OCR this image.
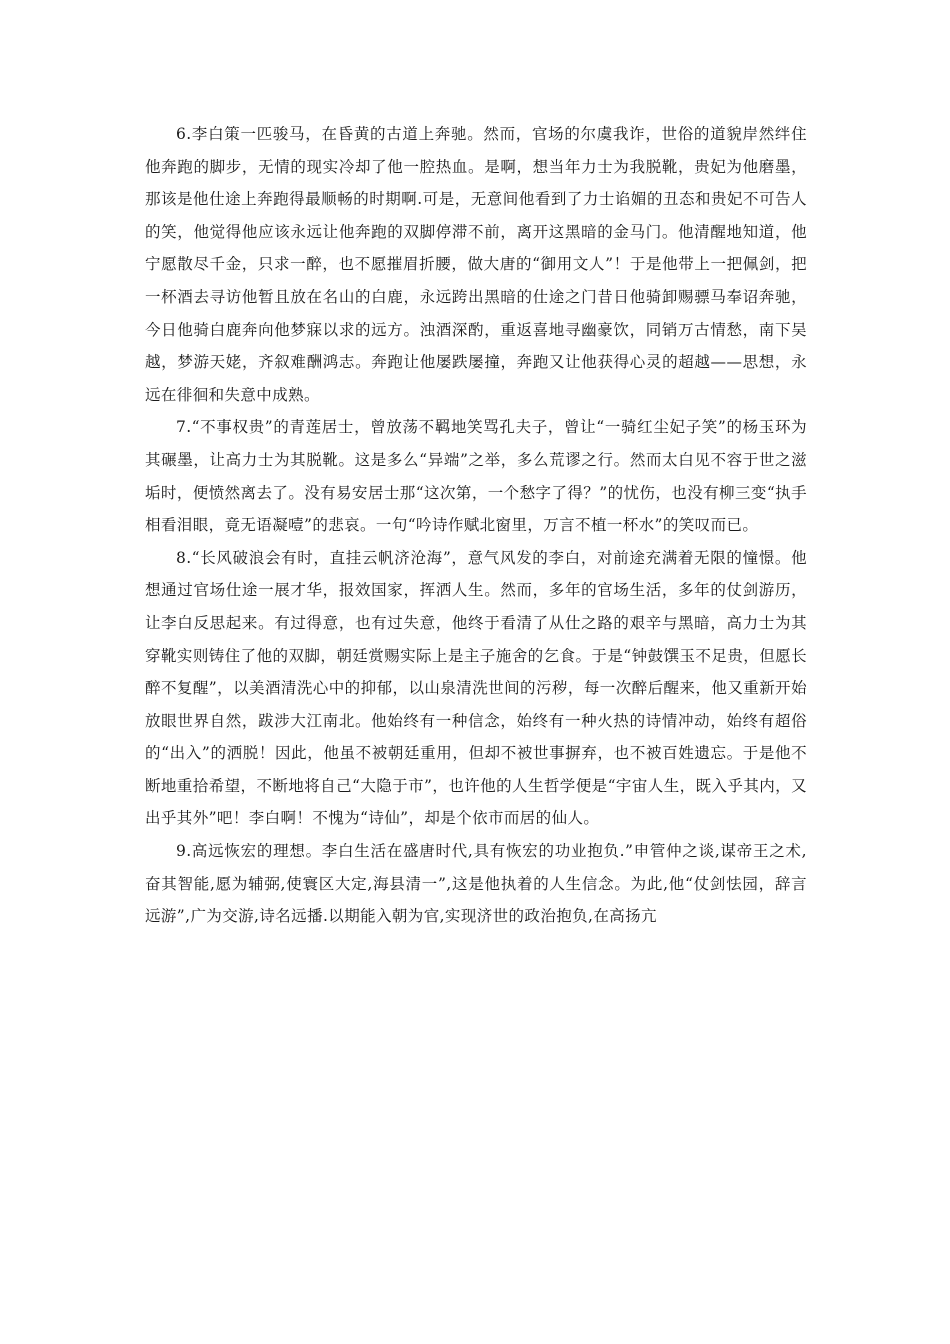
6.李白策一匹骏马，在昏黄的古道上奔驰。然而，官场的尔虞我诈，世俗的道貌岸然绊住他奔跑的脚步，无情的现实冷却了他一腔热血。是啊，想当年力士为我脱靴，贵妃为他磨墨，那该是他仕途上奔跑得最顺畅的时期啊.可是，无意间他看到了力士谄媚的丑态和贵妃不可告人的笑，他觉得他应该永远让他奔跑的双脚停滞不前，离开这黑暗的金马门。他清醒地知道，他宁愿散尽千金，只求一醉，也不愿摧眉折腰，做大唐的“御用文人”！于是他带上一把佩剑，把一杯酒去寻访他暂且放在名山的白鹿，永远跨出黑暗的仕途之门昔日他骑卸赐骠马奉诏奔驰，今日他骑白鹿奔向他梦寐以求的远方。浊酒深酌，重返喜地寻幽豪饮，同销万古情愁，南下吴越，梦游天姥，齐叙难酬鸿志。奔跑让他屡跌屡撞，奔跑又让他获得心灵的超越——思想，永远在徘徊和失意中成熟。

7.“不事权贵”的青莲居士，曾放荡不羁地笑骂孔夫子，曾让“一骑红尘妃子笑”的杨玉环为其碾墨，让高力士为其脱靴。这是多么“异端”之举，多么荒谬之行。然而太白见不容于世之滋垢时，便愤然离去了。没有易安居士那“这次第，一个愁字了得？”的忧伤，也没有柳三变“执手相看泪眼，竟无语凝噎”的悲哀。一句“吟诗作赋北窗里，万言不植一杯水”的笑叹而已。

8.“长风破浪会有时，直挂云帆济沧海”，意气风发的李白，对前途充满着无限的憧憬。他想通过官场仕途一展才华，报效国家，挥洒人生。然而，多年的官场生活，多年的仗剑游历，让李白反思起来。有过得意，也有过失意，他终于看清了从仕之路的艰辛与黑暗，高力士为其穿靴实则铸住了他的双脚，朝廷赏赐实际上是主子施舍的乞食。于是“钟鼓馔玉不足贵，但愿长醉不复醒”，以美酒清洗心中的抑郁，以山泉清洗世间的污秽，每一次醉后醒来，他又重新开始放眼世界自然，跋涉大江南北。他始终有一种信念，始终有一种火热的诗情冲动，始终有超俗的“出入”的洒脱！因此，他虽不被朝廷重用，但却不被世事摒弃，也不被百姓遗忘。于是他不断地重拾希望，不断地将自己“大隐于市”，也许他的人生哲学便是“宇宙人生，既入乎其内，又出乎其外”吧！李白啊！不愧为“诗仙”，却是个依市而居的仙人。

9.高远恢宏的理想。李白生活在盛唐时代,具有恢宏的功业抱负.”申管仲之谈,谋帝王之术,奋其智能,愿为辅弼,使寰区大定,海县清一”,这是他执着的人生信念。为此,他“仗剑怯园，辞言远游”,广为交游,诗名远播.以期能入朝为官,实现济世的政治抱负,在高扬亢
